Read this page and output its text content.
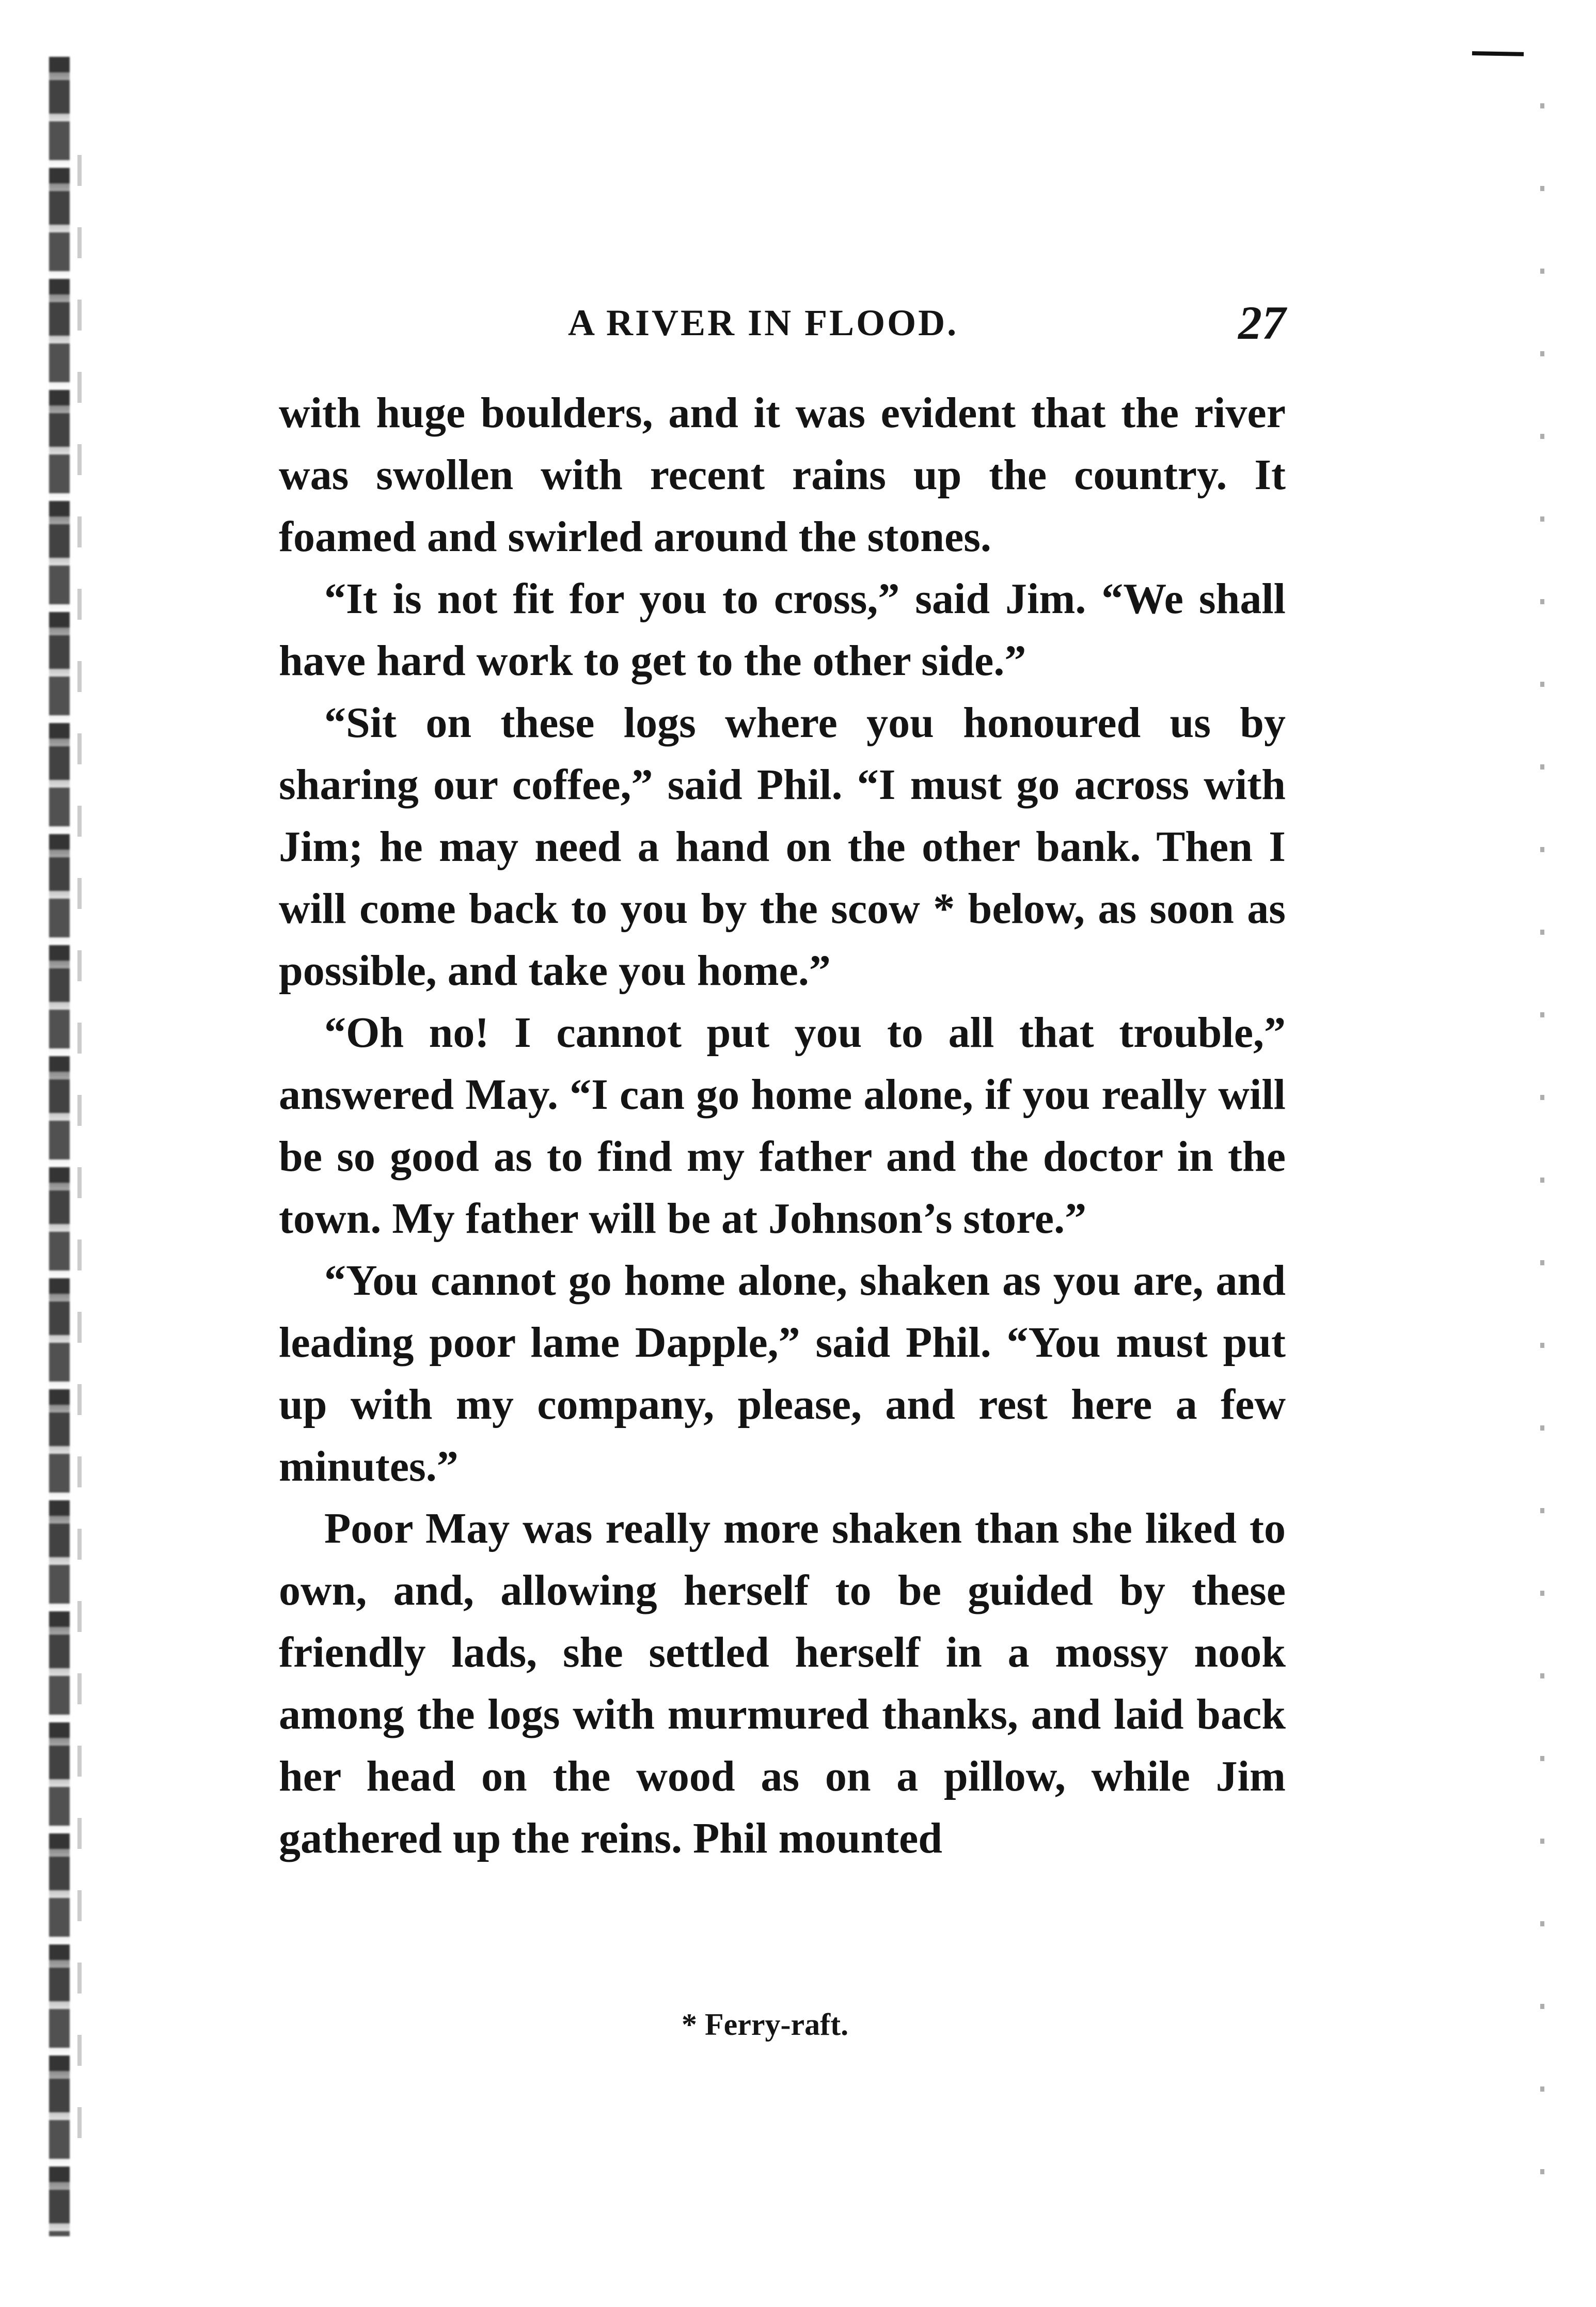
A RIVER IN FLOOD.	27

with huge boulders, and it was evident that the river was swollen with recent rains up the country. It foamed and swirled around the stones.

“It is not fit for you to cross,” said Jim. “We shall have hard work to get to the other side.”

“Sit on these logs where you honoured us by sharing our coffee,” said Phil. “I must go across with Jim; he may need a hand on the other bank. Then I will come back to you by the scow * below, as soon as possible, and take you home.”

“Oh no! I cannot put you to all that trouble,” answered May. “I can go home alone, if you really will be so good as to find my father and the doctor in the town. My father will be at Johnson’s store.”

“You cannot go home alone, shaken as you are, and leading poor lame Dapple,” said Phil. “You must put up with my company, please, and rest here a few minutes.”

Poor May was really more shaken than she liked to own, and, allowing herself to be guided by these friendly lads, she settled herself in a mossy nook among the logs with murmured thanks, and laid back her head on the wood as on a pillow, while Jim gathered up the reins. Phil mounted

* Ferry-raft.
